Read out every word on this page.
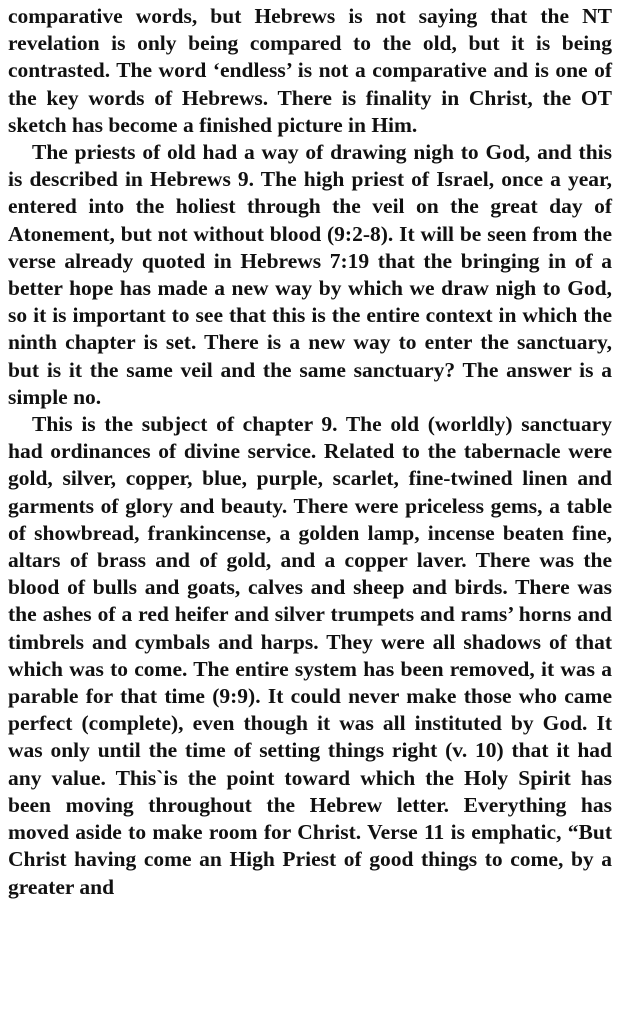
comparative words, but Hebrews is not saying that the NT revelation is only being compared to the old, but it is being contrasted. The word ‘endless’ is not a comparative and is one of the key words of Hebrews. There is finality in Christ, the OT sketch has become a finished picture in Him.

The priests of old had a way of drawing nigh to God, and this is described in Hebrews 9. The high priest of Israel, once a year, entered into the holiest through the veil on the great day of Atonement, but not without blood (9:2-8). It will be seen from the verse already quoted in Hebrews 7:19 that the bringing in of a better hope has made a new way by which we draw nigh to God, so it is important to see that this is the entire context in which the ninth chapter is set. There is a new way to enter the sanctuary, but is it the same veil and the same sanctuary? The answer is a simple no.

This is the subject of chapter 9. The old (worldly) sanctuary had ordinances of divine service. Related to the tabernacle were gold, silver, copper, blue, purple, scarlet, fine-twined linen and garments of glory and beauty. There were priceless gems, a table of showbread, frankincense, a golden lamp, incense beaten fine, altars of brass and of gold, and a copper laver. There was the blood of bulls and goats, calves and sheep and birds. There was the ashes of a red heifer and silver trumpets and rams’ horns and timbrels and cymbals and harps. They were all shadows of that which was to come. The entire system has been removed, it was a parable for that time (9:9). It could never make those who came perfect (complete), even though it was all instituted by God. It was only until the time of setting things right (v. 10) that it had any value. This`is the point toward which the Holy Spirit has been moving throughout the Hebrew letter. Everything has moved aside to make room for Christ. Verse 11 is emphatic, “But Christ having come an High Priest of good things to come, by a greater and
